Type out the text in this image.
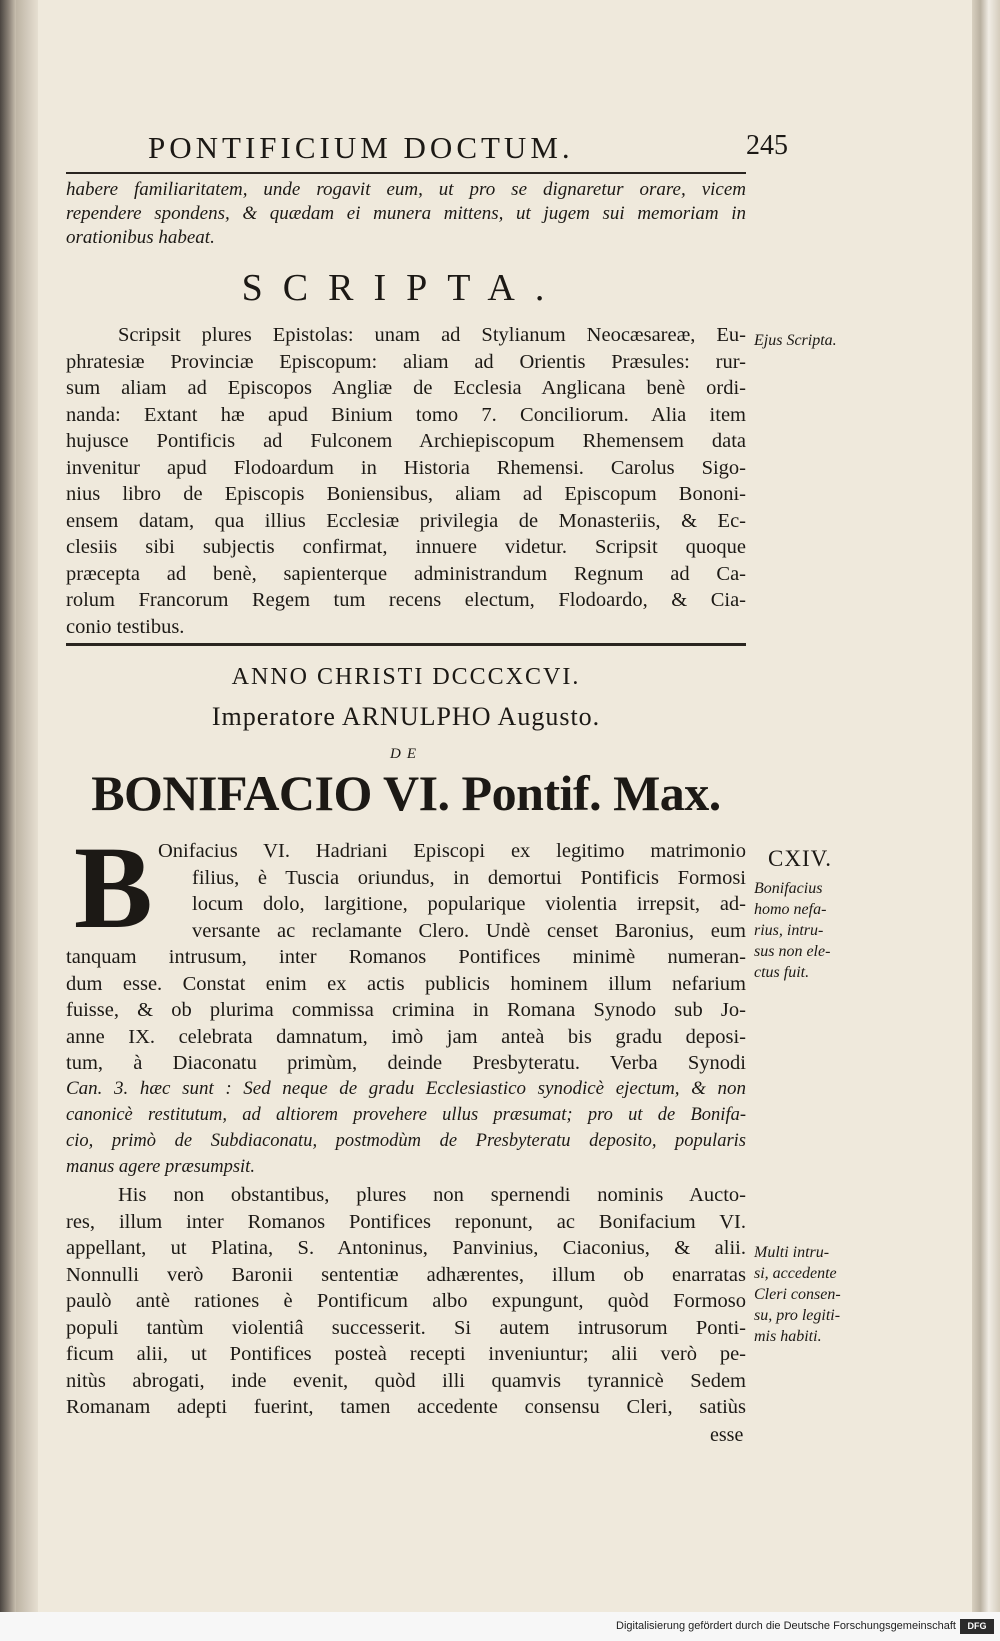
PONTIFICIUM DOCTUM.	245
habere familiaritatem, unde rogavit eum, ut pro se dignaretur orare, vicem
rependere spondens, & quædam ei munera mittens, ut jugem sui memoriam in
orationibus habeat.
SCRIPTA.
Scripsit plures Epistolas: unam ad Stylianum Neocæsareæ, Eu-
phratesiæ Provinciæ Episcopum: aliam ad Orientis Præsules: rur-
sum aliam ad Episcopos Angliæ de Ecclesia Anglicana benè ordi-
nanda: Extant hæ apud Binium tomo 7. Conciliorum. Alia item
hujusce Pontificis ad Fulconem Archiepiscopum Rhemensem data
invenitur apud Flodoardum in Historia Rhemensi. Carolus Sigo-
nius libro de Episcopis Boniensibus, aliam ad Episcopum Bononi-
ensem datam, qua illius Ecclesiæ privilegia de Monasteriis, & Ec-
clesiis sibi subjectis confirmat, innuere videtur. Scripsit quoque
præcepta ad benè, sapienterque administrandum Regnum ad Ca-
rolum Francorum Regem tum recens electum, Flodoardo, & Cia-
conio testibus.
Ejus Scripta.
ANNO CHRISTI DCCCXCVI.
Imperatore ARNULPHO Augusto.
DE
BONIFACIO VI. Pontif. Max.
B Onifacius VI. Hadriani Episcopi ex legitimo matrimonio
filius, è Tuscia oriundus, in demortui Pontificis Formosi
locum dolo, largitione, popularique violentia irrepsit, ad-
versante ac reclamante Clero. Undè censet Baronius, eum
tanquam intrusum, inter Romanos Pontifices minimè numeran-
dum esse. Constat enim ex actis publicis hominem illum nefarium
fuisse, & ob plurima commissa crimina in Romana Synodo sub Jo-
anne IX. celebrata damnatum, imò jam anteà bis gradu deposi-
tum, à Diaconatu primùm, deinde Presbyteratu. Verba Synodi
Can. 3. hæc sunt : Sed neque de gradu Ecclesiastico synodicè ejectum, & non
canonicè restitutum, ad altiorem provehere ullus præsumat; pro ut de Bonifa-
cio, primò de Subdiaconatu, postmodùm de Presbyteratu deposito, popularis
manus agere præsumpsit.
His non obstantibus, plures non spernendi nominis Aucto-
res, illum inter Romanos Pontifices reponunt, ac Bonifacium VI.
appellant, ut Platina, S. Antoninus, Panvinius, Ciaconius, & alii.
Nonnulli verò Baronii sententiæ adhærentes, illum ob enarratas
paulò antè rationes è Pontificum albo expungunt, quòd Formoso
populi tantùm violentiâ successerit. Si autem intrusorum Ponti-
ficum alii, ut Pontifices posteà recepti inveniuntur; alii verò pe-
nitùs abrogati, inde evenit, quòd illi quamvis tyrannicè Sedem
Romanam adepti fuerint, tamen accedente consensu Cleri, satiùs
esse
CXIV.
Bonifacius
homo nefa-
rius, intru-
sus non ele-
ctus fuit.
Multi intru-
si, accedente
Cleri consen-
su, pro legiti-
mis habiti.
Digitalisierung gefördert durch die Deutsche Forschungsgemeinschaft	DFG
